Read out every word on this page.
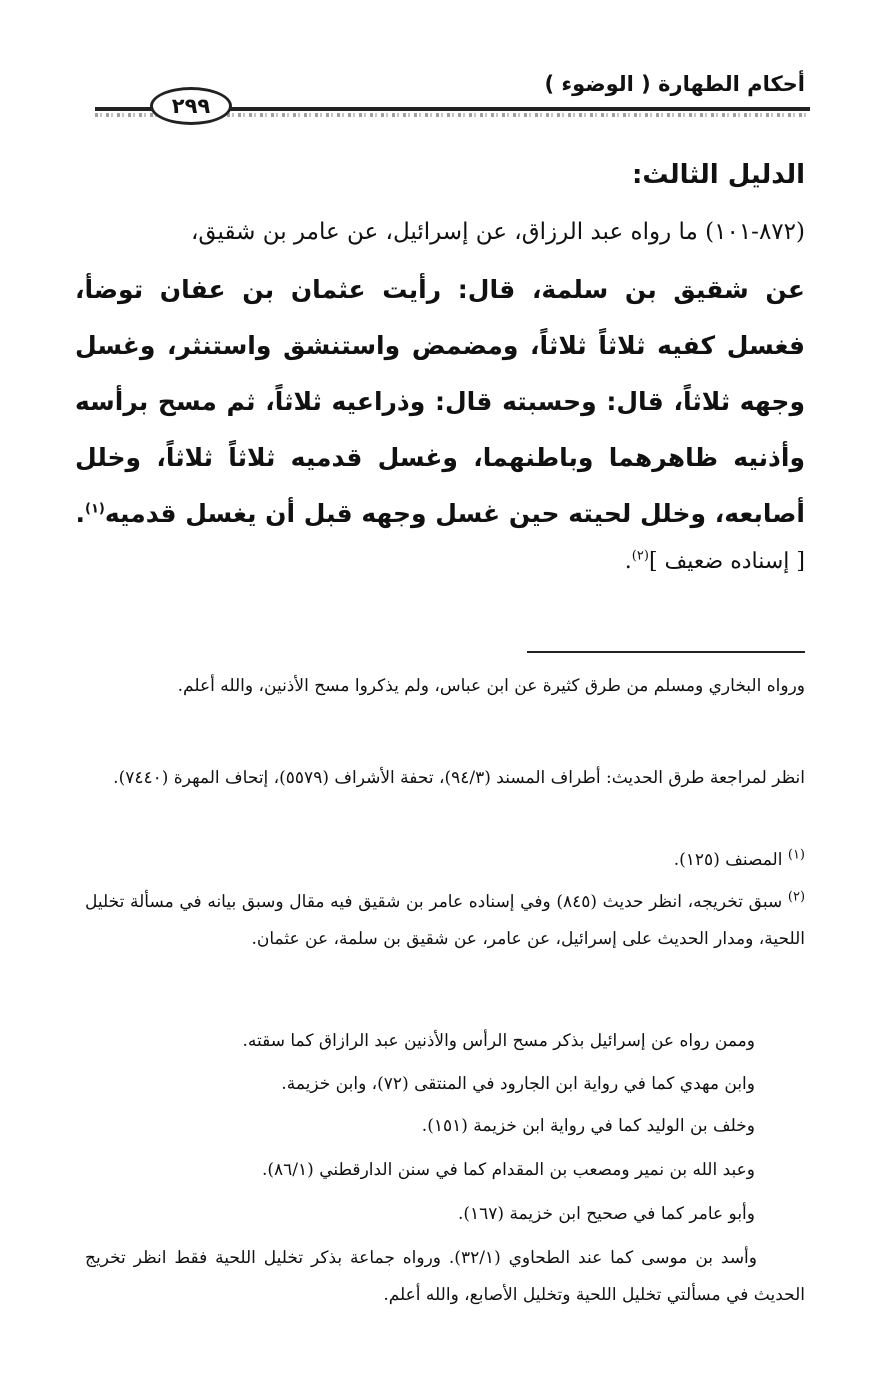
أحكام الطهارة ( الوضوء )
٢٩٩
الدليل الثالث:
(٨٧٢-١٠١) ما رواه عبد الرزاق، عن إسرائيل، عن عامر بن شقيق،
عن شقيق بن سلمة، قال: رأيت عثمان بن عفان توضأ، فغسل كفيه ثلاثاً ثلاثاً، ومضمض واستنشق واستنثر، وغسل وجهه ثلاثاً، قال: وحسبته قال: وذراعيه ثلاثاً، ثم مسح برأسه وأذنيه ظاهرهما وباطنهما، وغسل قدميه ثلاثاً ثلاثاً، وخلل أصابعه، وخلل لحيته حين غسل وجهه قبل أن يغسل قدميه$^{(١)}$.
[ إسناده ضعيف ]$^{(٢)}$.
ورواه البخاري ومسلم من طرق كثيرة عن ابن عباس، ولم يذكروا مسح الأذنين، والله أعلم.
انظر لمراجعة طرق الحديث: أطراف المسند (٩٤/٣)، تحفة الأشراف (٥٥٧٩)، إتحاف المهرة (٧٤٤٠).
$^{(١)}$ المصنف (١٢٥).
$^{(٢)}$ سبق تخريجه، انظر حديث (٨٤٥) وفي إسناده عامر بن شقيق فيه مقال وسبق بيانه في مسألة تخليل اللحية، ومدار الحديث على إسرائيل، عن عامر، عن شقيق بن سلمة، عن عثمان.
وممن رواه عن إسرائيل بذكر مسح الرأس والأذنين عبد الرازاق كما سقته.
وابن مهدي كما في رواية ابن الجارود في المنتقى (٧٢)، وابن خزيمة.
وخلف بن الوليد كما في رواية ابن خزيمة (١٥١).
وعبد الله بن نمير ومصعب بن المقدام كما في سنن الدارقطني (٨٦/١).
وأبو عامر كما في صحيح ابن خزيمة (١٦٧).
وأسد بن موسى كما عند الطحاوي (٣٢/١). ورواه جماعة بذكر تخليل اللحية فقط انظر تخريج الحديث في مسألتي تخليل اللحية وتخليل الأصابع، والله أعلم.
